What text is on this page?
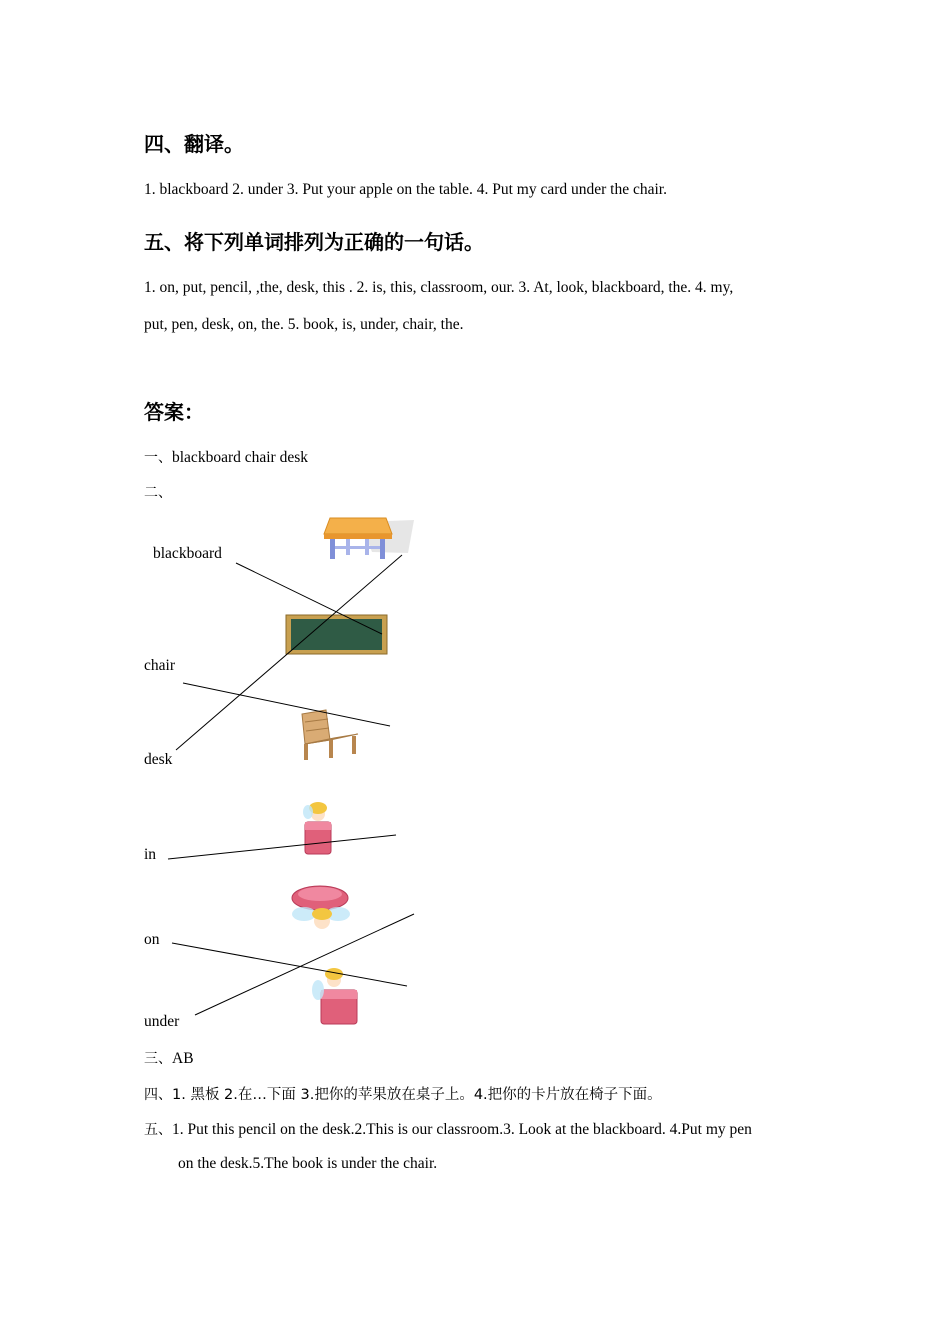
四、翻译。
1. blackboard 2. under 3. Put your apple on the table. 4. Put my card under the chair.
五、将下列单词排列为正确的一句话。
1. on, put, pencil, ,the, desk, this . 2. is, this, classroom, our. 3. At, look, blackboard, the. 4. my,
put, pen, desk, on, the. 5. book, is, under, chair, the.
答案：
一、blackboard chair desk
二、
blackboard
chair
desk
in
on
under
三、AB
四、1. 黑板 2.在…下面 3.把你的苹果放在桌子上。4.把你的卡片放在椅子下面。
五、1. Put this pencil on the desk.2.This is our classroom.3. Look at the blackboard. 4.Put my pen
on the desk.5.The book is under the chair.
